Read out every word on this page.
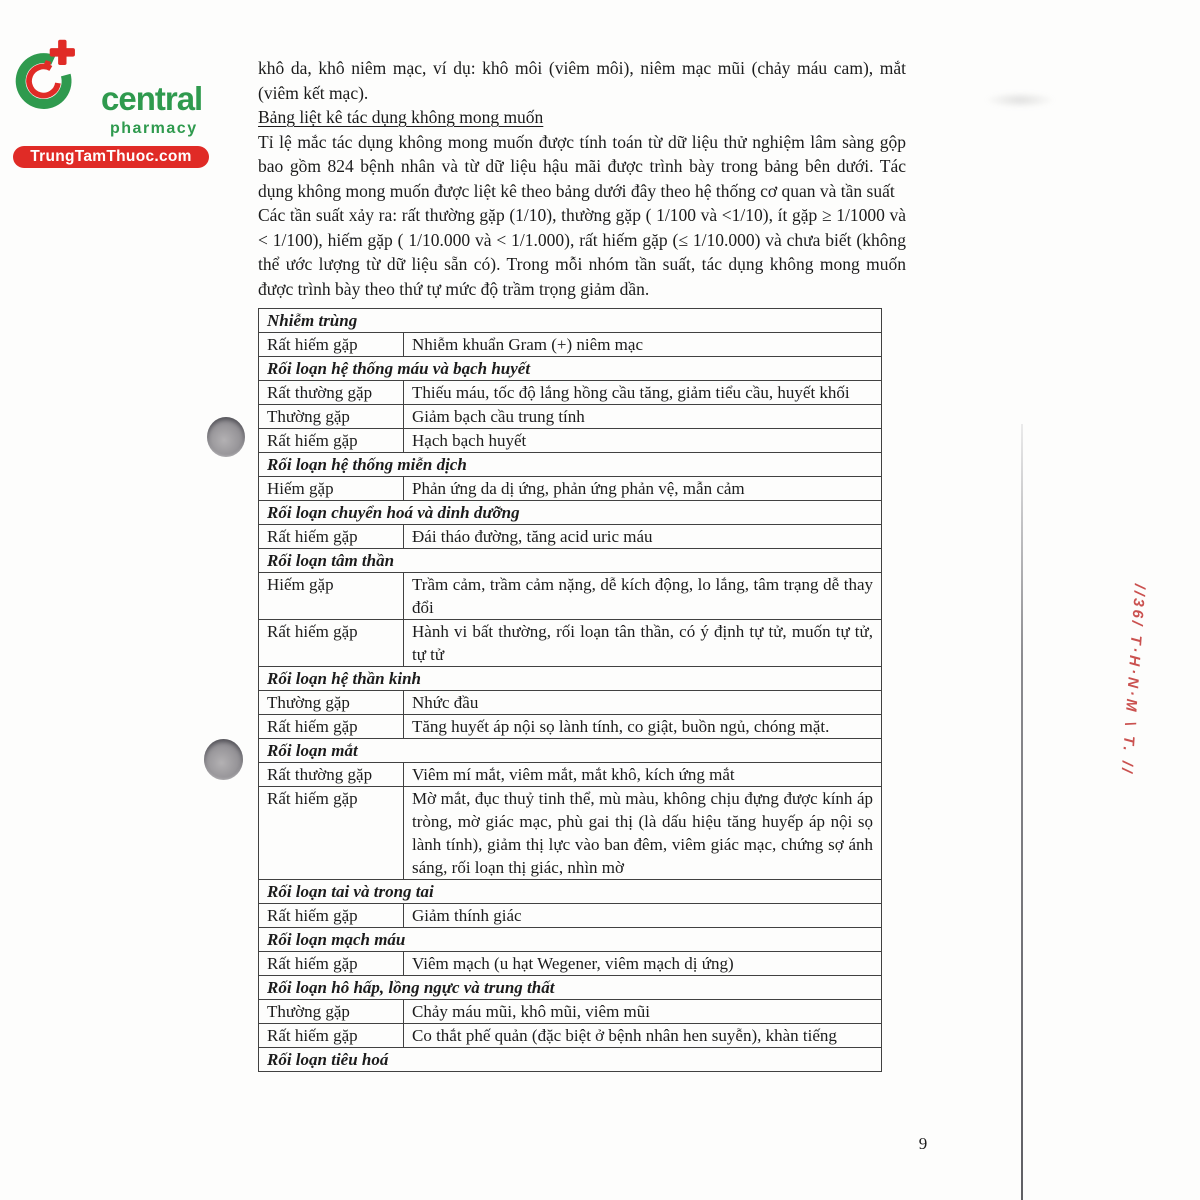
central
pharmacy
TrungTamThuoc.com

khô da, khô niêm mạc, ví dụ: khô môi (viêm môi), niêm mạc mũi (chảy máu cam), mắt (viêm kết mạc).

Bảng liệt kê tác dụng không mong muốn

Tỉ lệ mắc tác dụng không mong muốn được tính toán từ dữ liệu thử nghiệm lâm sàng gộp bao gồm 824 bệnh nhân và từ dữ liệu hậu mãi được trình bày trong bảng bên dưới. Tác dụng không mong muốn được liệt kê theo bảng dưới đây theo hệ thống cơ quan và tần suất

Các tần suất xảy ra: rất thường gặp (1/10), thường gặp ( 1/100 và <1/10), ít gặp ≥ 1/1000 và < 1/100), hiếm gặp ( 1/10.000 và < 1/1.000), rất hiếm gặp (≤ 1/10.000) và chưa biết (không thể ước lượng từ dữ liệu sẵn có). Trong mỗi nhóm tần suất, tác dụng không mong muốn được trình bày theo thứ tự mức độ trầm trọng giảm dần.

Nhiễm trùng	
Rất hiếm gặp	Nhiễm khuẩn Gram (+) niêm mạc
Rối loạn hệ thống máu và bạch huyết	
Rất thường gặp	Thiếu máu, tốc độ lắng hồng cầu tăng, giảm tiểu cầu, huyết khối
Thường gặp	Giảm bạch cầu trung tính
Rất hiếm gặp	Hạch bạch huyết
Rối loạn hệ thống miễn dịch	
Hiếm gặp	Phản ứng da dị ứng, phản ứng phản vệ, mẫn cảm
Rối loạn chuyển hoá và dinh dưỡng	
Rất hiếm gặp	Đái tháo đường, tăng acid uric máu
Rối loạn tâm thần	
Hiếm gặp	Trầm cảm, trầm cảm nặng, dễ kích động, lo lắng, tâm trạng dễ thay đổi
Rất hiếm gặp	Hành vi bất thường, rối loạn tân thần, có ý định tự tử, muốn tự tử, tự tử
Rối loạn hệ thần kinh	
Thường gặp	Nhức đầu
Rất hiếm gặp	Tăng huyết áp nội sọ lành tính, co giật, buồn ngủ, chóng mặt.
Rối loạn mắt	
Rất thường gặp	Viêm mí mắt, viêm mắt, mắt khô, kích ứng mắt
Rất hiếm gặp	Mờ mắt, đục thuỷ tinh thể, mù màu, không chịu đựng được kính áp tròng, mờ giác mạc, phù gai thị (là dấu hiệu tăng huyếp áp nội sọ lành tính), giảm thị lực vào ban đêm, viêm giác mạc, chứng sợ ánh sáng, rối loạn thị giác, nhìn mờ
Rối loạn tai và trong tai	
Rất hiếm gặp	Giảm thính giác
Rối loạn mạch máu	
Rất hiếm gặp	Viêm mạch (u hạt Wegener, viêm mạch dị ứng)
Rối loạn hô hấp, lồng ngực và trung thất	
Thường gặp	Chảy máu mũi, khô mũi, viêm mũi
Rất hiếm gặp	Co thắt phế quản (đặc biệt ở bệnh nhân hen suyễn), khàn tiếng
Rối loạn tiêu hoá	
//36/ T·H·N·M \ T. //
9
